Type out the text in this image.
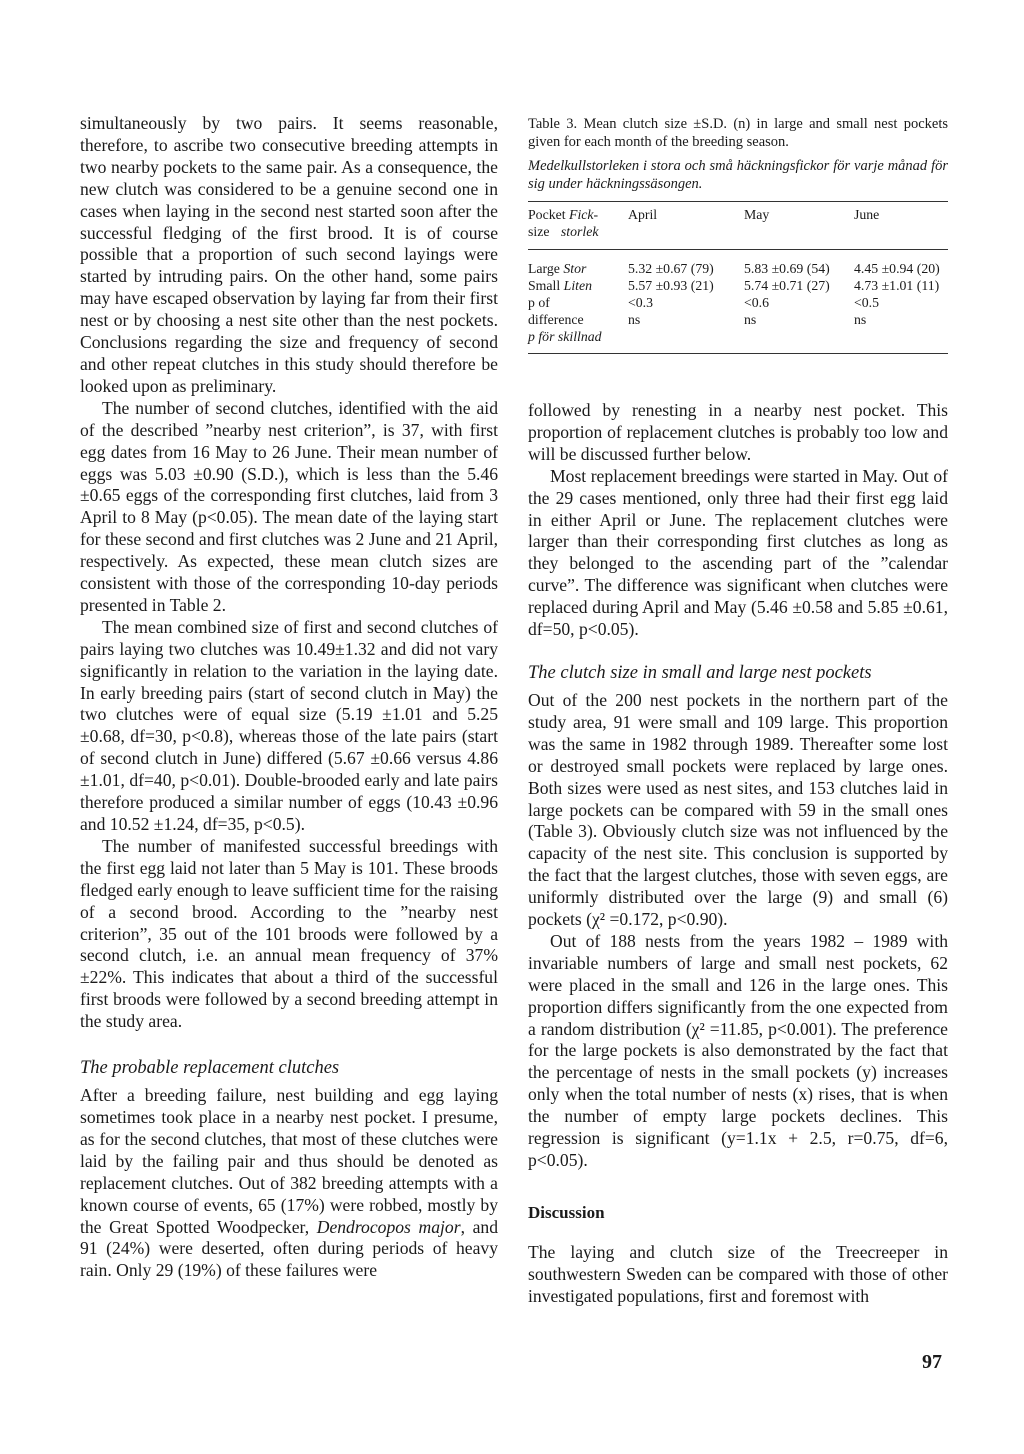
simultaneously by two pairs. It seems reasonable, therefore, to ascribe two consecutive breeding attempts in two nearby pockets to the same pair. As a consequence, the new clutch was considered to be a genuine second one in cases when laying in the second nest started soon after the successful fledging of the first brood. It is of course possible that a proportion of such second layings were started by intruding pairs. On the other hand, some pairs may have escaped observation by laying far from their first nest or by choosing a nest site other than the nest pockets. Conclusions regarding the size and frequency of second and other repeat clutches in this study should therefore be looked upon as preliminary.

The number of second clutches, identified with the aid of the described ”nearby nest criterion”, is 37, with first egg dates from 16 May to 26 June. Their mean number of eggs was 5.03 ±0.90 (S.D.), which is less than the 5.46 ±0.65 eggs of the corresponding first clutches, laid from 3 April to 8 May (p<0.05). The mean date of the laying start for these second and first clutches was 2 June and 21 April, respectively. As expected, these mean clutch sizes are consistent with those of the corresponding 10-day periods presented in Table 2.

The mean combined size of first and second clutches of pairs laying two clutches was 10.49±1.32 and did not vary significantly in relation to the variation in the laying date. In early breeding pairs (start of second clutch in May) the two clutches were of equal size (5.19 ±1.01 and 5.25 ±0.68, df=30, p<0.8), whereas those of the late pairs (start of second clutch in June) differed (5.67 ±0.66 versus 4.86 ±1.01, df=40, p<0.01). Double-brooded early and late pairs therefore produced a similar number of eggs (10.43 ±0.96 and 10.52 ±1.24, df=35, p<0.5).

The number of manifested successful breedings with the first egg laid not later than 5 May is 101. These broods fledged early enough to leave sufficient time for the raising of a second brood. According to the ”nearby nest criterion”, 35 out of the 101 broods were followed by a second clutch, i.e. an annual mean frequency of 37% ±22%. This indicates that about a third of the successful first broods were followed by a second breeding attempt in the study area.

The probable replacement clutches

After a breeding failure, nest building and egg laying sometimes took place in a nearby nest pocket. I presume, as for the second clutches, that most of these clutches were laid by the failing pair and thus should be denoted as replacement clutches. Out of 382 breeding attempts with a known course of events, 65 (17%) were robbed, mostly by the Great Spotted Woodpecker, Dendrocopos major, and 91 (24%) were deserted, often during periods of heavy rain. Only 29 (19%) of these failures were

Table 3. Mean clutch size ±S.D. (n) in large and small nest pockets given for each month of the breeding season.
Medelkullstorleken i stora och små häckningsfickor för varje månad för sig under häckningssäsongen.
Pocket Fick-
size storlek	April	May	June
Large Stor	5.32 ±0.67 (79)	5.83 ±0.69 (54)	4.45 ±0.94 (20)
Small Liten	5.57 ±0.93 (21)	5.74 ±0.71 (27)	4.73 ±1.01 (11)
p of	<0.3	<0.6	<0.5
difference	ns	ns	ns
p för skillnad			

followed by renesting in a nearby nest pocket. This proportion of replacement clutches is probably too low and will be discussed further below.

Most replacement breedings were started in May. Out of the 29 cases mentioned, only three had their first egg laid in either April or June. The replacement clutches were larger than their corresponding first clutches as long as they belonged to the ascending part of the ”calendar curve”. The difference was significant when clutches were replaced during April and May (5.46 ±0.58 and 5.85 ±0.61, df=50, p<0.05).

The clutch size in small and large nest pockets

Out of the 200 nest pockets in the northern part of the study area, 91 were small and 109 large. This proportion was the same in 1982 through 1989. Thereafter some lost or destroyed small pockets were replaced by large ones. Both sizes were used as nest sites, and 153 clutches laid in large pockets can be compared with 59 in the small ones (Table 3). Obviously clutch size was not influenced by the capacity of the nest site. This conclusion is supported by the fact that the largest clutches, those with seven eggs, are uniformly distributed over the large (9) and small (6) pockets (χ² =0.172, p<0.90).

Out of 188 nests from the years 1982 – 1989 with invariable numbers of large and small nest pockets, 62 were placed in the small and 126 in the large ones. This proportion differs significantly from the one expected from a random distribution (χ² =11.85, p<0.001). The preference for the large pockets is also demonstrated by the fact that the percentage of nests in the small pockets (y) increases only when the total number of nests (x) rises, that is when the number of empty large pockets declines. This regression is significant (y=1.1x + 2.5, r=0.75, df=6, p<0.05).

Discussion

The laying and clutch size of the Treecreeper in southwestern Sweden can be compared with those of other investigated populations, first and foremost with

97
